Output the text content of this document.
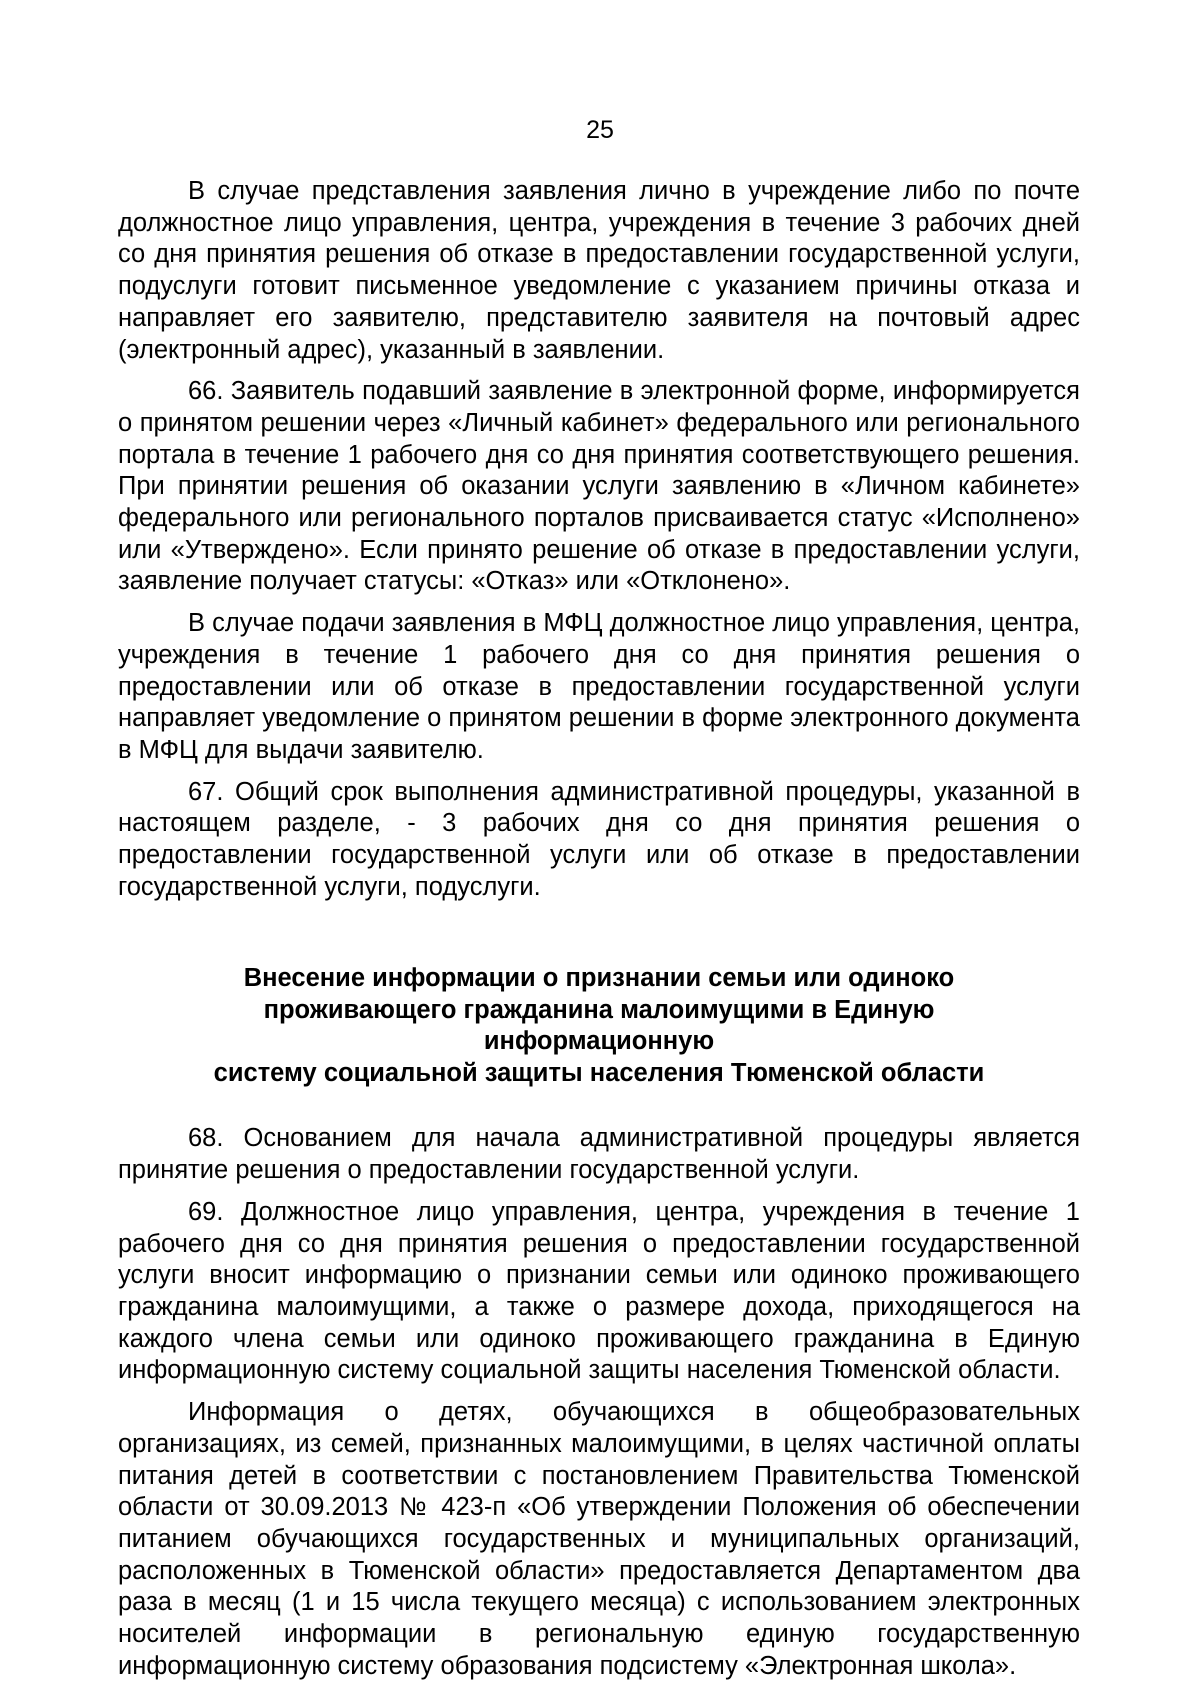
25

В случае представления заявления лично в учреждение либо по почте должностное лицо управления, центра, учреждения в течение 3 рабочих дней со дня принятия решения об отказе в предоставлении государственной услуги, подуслуги готовит письменное уведомление с указанием причины отказа и направляет его заявителю, представителю заявителя на почтовый адрес (электронный адрес), указанный в заявлении.

66. Заявитель подавший заявление в электронной форме, информируется о принятом решении через «Личный кабинет» федерального или регионального портала в течение 1 рабочего дня со дня принятия соответствующего решения. При принятии решения об оказании услуги заявлению в «Личном кабинете» федерального или регионального порталов присваивается статус «Исполнено» или «Утверждено». Если принято решение об отказе в предоставлении услуги, заявление получает статусы: «Отказ» или «Отклонено».

В случае подачи заявления в МФЦ должностное лицо управления, центра, учреждения в течение 1 рабочего дня со дня принятия решения о предоставлении или об отказе в предоставлении государственной услуги направляет уведомление о принятом решении в форме электронного документа в МФЦ для выдачи заявителю.

67. Общий срок выполнения административной процедуры, указанной в настоящем разделе, - 3 рабочих дня со дня принятия решения о предоставлении государственной услуги или об отказе в предоставлении государственной услуги, подуслуги.

Внесение информации о признании семьи или одиноко
проживающего гражданина малоимущими в Единую информационную
систему социальной защиты населения Тюменской области

68. Основанием для начала административной процедуры является принятие решения о предоставлении государственной услуги.

69. Должностное лицо управления, центра, учреждения в течение 1 рабочего дня со дня принятия решения о предоставлении государственной услуги вносит информацию о признании семьи или одиноко проживающего гражданина малоимущими, а также о размере дохода, приходящегося на каждого члена семьи или одиноко проживающего гражданина в Единую информационную систему социальной защиты населения Тюменской области.

Информация о детях, обучающихся в общеобразовательных организациях, из семей, признанных малоимущими, в целях частичной оплаты питания детей в соответствии с постановлением Правительства Тюменской области от 30.09.2013 № 423-п «Об утверждении Положения об обеспечении питанием обучающихся государственных и муниципальных организаций, расположенных в Тюменской области» предоставляется Департаментом два раза в месяц (1 и 15 числа текущего месяца) с использованием электронных носителей информации в региональную единую государственную информационную систему образования подсистему «Электронная школа».
